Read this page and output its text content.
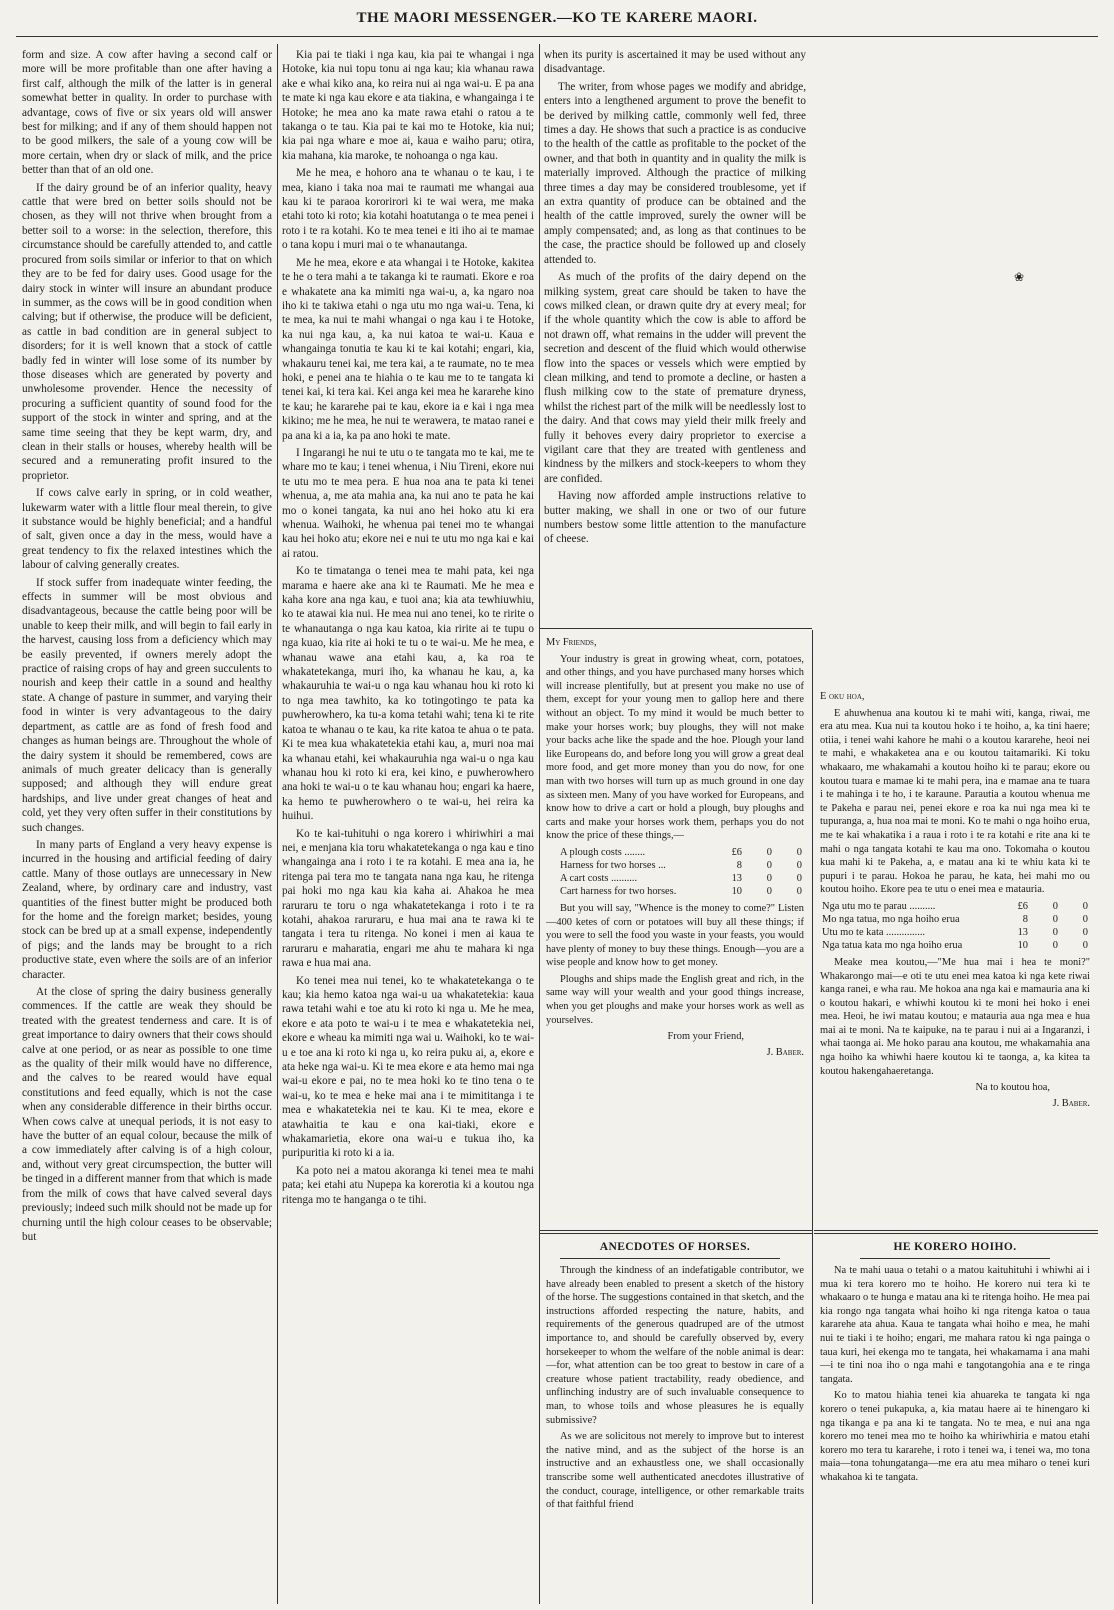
THE MAORI MESSENGER.—KO TE KARERE MAORI.

form and size. A cow after having a second calf or more will be more profitable than one after having a first calf, although the milk of the latter is in general somewhat better in quality. In order to purchase with advantage, cows of five or six years old will answer best for milking; and if any of them should happen not to be good milkers, the sale of a young cow will be more certain, when dry or slack of milk, and the price better than that of an old one.

If the dairy ground be of an inferior quality, heavy cattle that were bred on better soils should not be chosen, as they will not thrive when brought from a better soil to a worse: in the selection, therefore, this circumstance should be carefully attended to, and cattle procured from soils similar or inferior to that on which they are to be fed for dairy uses. Good usage for the dairy stock in winter will insure an abundant produce in summer, as the cows will be in good condition when calving; but if otherwise, the produce will be deficient, as cattle in bad condition are in general subject to disorders; for it is well known that a stock of cattle badly fed in winter will lose some of its number by those diseases which are generated by poverty and unwholesome provender. Hence the necessity of procuring a sufficient quantity of sound food for the support of the stock in winter and spring, and at the same time seeing that they be kept warm, dry, and clean in their stalls or houses, whereby health will be secured and a remunerating profit insured to the proprietor.

If cows calve early in spring, or in cold weather, lukewarm water with a little flour meal therein, to give it substance would be highly beneficial; and a handful of salt, given once a day in the mess, would have a great tendency to fix the relaxed intestines which the labour of calving generally creates.

If stock suffer from inadequate winter feeding, the effects in summer will be most obvious and disadvantageous, because the cattle being poor will be unable to keep their milk, and will begin to fail early in the harvest, causing loss from a deficiency which may be easily prevented, if owners merely adopt the practice of raising crops of hay and green succulents to nourish and keep their cattle in a sound and healthy state. A change of pasture in summer, and varying their food in winter is very advantageous to the dairy department, as cattle are as fond of fresh food and changes as human beings are. Throughout the whole of the dairy system it should be remembered, cows are animals of much greater delicacy than is generally supposed; and although they will endure great hardships, and live under great changes of heat and cold, yet they very often suffer in their constitutions by such changes.

In many parts of England a very heavy expense is incurred in the housing and artificial feeding of dairy cattle. Many of those outlays are unnecessary in New Zealand, where, by ordinary care and industry, vast quantities of the finest butter might be produced both for the home and the foreign market; besides, young stock can be bred up at a small expense, independently of pigs; and the lands may be brought to a rich productive state, even where the soils are of an inferior character.

At the close of spring the dairy business generally commences. If the cattle are weak they should be treated with the greatest tenderness and care. It is of great importance to dairy owners that their cows should calve at one period, or as near as possible to one time as the quality of their milk would have no difference, and the calves to be reared would have equal constitutions and feed equally, which is not the case when any considerable difference in their births occur. When cows calve at unequal periods, it is not easy to have the butter of an equal colour, because the milk of a cow immediately after calving is of a high colour, and, without very great circumspection, the butter will be tinged in a different manner from that which is made from the milk of cows that have calved several days previously; indeed such milk should not be made up for churning until the high colour ceases to be observable; but

Kia pai te tiaki i nga kau, kia pai te whangai i nga Hotoke, kia nui topu tonu ai nga kau; kia whanau rawa ake e whai kiko ana, ko reira nui ai nga wai-u. E pa ana te mate ki nga kau ekore e ata tiakina, e whangainga i te Hotoke; he mea ano ka mate rawa etahi o ratou a te takanga o te tau. Kia pai te kai mo te Hotoke, kia nui; kia pai nga whare e moe ai, kaua e waiho paru; otira, kia mahana, kia maroke, te nohoanga o nga kau.

Me he mea, e hohoro ana te whanau o te kau, i te mea, kiano i taka noa mai te raumati me whangai aua kau ki te paraoa kororirori ki te wai wera, me maka etahi toto ki roto; kia kotahi hoatutanga o te mea penei i roto i te ra kotahi. Ko te mea tenei e iti iho ai te mamae o tana kopu i muri mai o te whanautanga.

Me he mea, ekore e ata whangai i te Hotoke, kakitea te he o tera mahi a te takanga ki te raumati. Ekore e roa e whakatete ana ka mimiti nga wai-u, a, ka ngaro noa iho ki te takiwa etahi o nga utu mo nga wai-u. Tena, ki te mea, ka nui te mahi whangai o nga kau i te Hotoke, ka nui nga kau, a, ka nui katoa te wai-u. Kaua e whangainga tonutia te kau ki te kai kotahi; engari, kia, whakauru tenei kai, me tera kai, a te raumate, no te mea hoki, e penei ana te hiahia o te kau me to te tangata ki tenei kai, ki tera kai. Kei anga kei mea he kararehe kino te kau; he kararehe pai te kau, ekore ia e kai i nga mea kikino; me he mea, he nui te werawera, te matao ranei e pa ana ki a ia, ka pa ano hoki te mate.

I Ingarangi he nui te utu o te tangata mo te kai, me te whare mo te kau; i tenei whenua, i Niu Tireni, ekore nui te utu mo te mea pera. E hua noa ana te pata ki tenei whenua, a, me ata mahia ana, ka nui ano te pata he kai mo o konei tangata, ka nui ano hei hoko atu ki era whenua. Waihoki, he whenua pai tenei mo te whangai kau hei hoko atu; ekore nei e nui te utu mo nga kai e kai ai ratou.

Ko te timatanga o tenei mea te mahi pata, kei nga marama e haere ake ana ki te Raumati. Me he mea e kaha kore ana nga kau, e tuoi ana; kia ata tewhiuwhiu, ko te atawai kia nui. He mea nui ano tenei, ko te ririte o te whanautanga o nga kau katoa, kia ririte ai te tupu o nga kuao, kia rite ai hoki te tu o te wai-u. Me he mea, e whanau wawe ana etahi kau, a, ka roa te whakatetekanga, muri iho, ka whanau he kau, a, ka whakauruhia te wai-u o nga kau whanau hou ki roto ki to nga mea tawhito, ka ko totingotingo te pata ka puwherowhero, ka tu-a koma tetahi wahi; tena ki te rite katoa te whanau o te kau, ka rite katoa te ahua o te pata. Ki te mea kua whakatetekia etahi kau, a, muri noa mai ka whanau etahi, kei whakauruhia nga wai-u o nga kau whanau hou ki roto ki era, kei kino, e puwherowhero ana hoki te wai-u o te kau whanau hou; engari ka haere, ka hemo te puwherowhero o te wai-u, hei reira ka huihui.

Ko te kai-tuhituhi o nga korero i whiriwhiri a mai nei, e menjana kia toru whakatetekanga o nga kau e tino whangainga ana i roto i te ra kotahi. E mea ana ia, he ritenga pai tera mo te tangata nana nga kau, he ritenga pai hoki mo nga kau kia kaha ai. Ahakoa he mea raruraru te toru o nga whakatetekanga i roto i te ra kotahi, ahakoa raruraru, e hua mai ana te rawa ki te tangata i tera tu ritenga. No konei i men ai kaua te raruraru e maharatia, engari me ahu te mahara ki nga rawa e hua mai ana.

Ko tenei mea nui tenei, ko te whakatetekanga o te kau; kia hemo katoa nga wai-u ua whakatetekia: kaua rawa tetahi wahi e toe atu ki roto ki nga u. Me he mea, ekore e ata poto te wai-u i te mea e whakatetekia nei, ekore e wheau ka mimiti nga wai u. Waihoki, ko te wai-u e toe ana ki roto ki nga u, ko reira puku ai, a, ekore e ata heke nga wai-u. Ki te mea ekore e ata hemo mai nga wai-u ekore e pai, no te mea hoki ko te tino tena o te wai-u, ko te mea e heke mai ana i te mimititanga i te mea e whakatetekia nei te kau. Ki te mea, ekore e atawhaitia te kau e ona kai-tiaki, ekore e whakamarietia, ekore ona wai-u e tukua iho, ka puripuritia ki roto ki a ia.

Ka poto nei a matou akoranga ki tenei mea te mahi pata; kei etahi atu Nupepa ka korerotia ki a koutou nga ritenga mo te hanganga o te tihi.

when its purity is ascertained it may be used without any disadvantage.

The writer, from whose pages we modify and abridge, enters into a lengthened argument to prove the benefit to be derived by milking cattle, commonly well fed, three times a day. He shows that such a practice is as conducive to the health of the cattle as profitable to the pocket of the owner, and that both in quantity and in quality the milk is materially improved. Although the practice of milking three times a day may be considered troublesome, yet if an extra quantity of produce can be obtained and the health of the cattle improved, surely the owner will be amply compensated; and, as long as that continues to be the case, the practice should be followed up and closely attended to.

As much of the profits of the dairy depend on the milking system, great care should be taken to have the cows milked clean, or drawn quite dry at every meal; for if the whole quantity which the cow is able to afford be not drawn off, what remains in the udder will prevent the secretion and descent of the fluid which would otherwise flow into the spaces or vessels which were emptied by clean milking, and tend to promote a decline, or hasten a flush milking cow to the state of premature dryness, whilst the richest part of the milk will be needlessly lost to the dairy. And that cows may yield their milk freely and fully it behoves every dairy proprietor to exercise a vigilant care that they are treated with gentleness and kindness by the milkers and stock-keepers to whom they are confided.

Having now afforded ample instructions relative to butter making, we shall in one or two of our future numbers bestow some little attention to the manufacture of cheese.

My Friends,

Your industry is great in growing wheat, corn, potatoes, and other things, and you have purchased many horses which will increase plentifully, but at present you make no use of them, except for your young men to gallop here and there without an object. To my mind it would be much better to make your horses work; buy ploughs, they will not make your backs ache like the spade and the hoe. Plough your land like Europeans do, and before long you will grow a great deal more food, and get more money than you do now, for one man with two horses will turn up as much ground in one day as sixteen men. Many of you have worked for Europeans, and know how to drive a cart or hold a plough, buy ploughs and carts and make your horses work them, perhaps you do not know the price of these things,—

A plough costs ........	£6	0	0
Harness for two horses ...	8	0	0
A cart costs ..........	13	0	0
Cart harness for two horses.	10	0	0

But you will say, "Whence is the money to come?" Listen—400 ketes of corn or potatoes will buy all these things; if you were to sell the food you waste in your feasts, you would have plenty of money to buy these things. Enough—you are a wise people and know how to get money.

Ploughs and ships made the English great and rich, in the same way will your wealth and your good things increase, when you get ploughs and make your horses work as well as yourselves.

From your Friend,
J. Baber.
E oku hoa,

E ahuwhenua ana koutou ki te mahi witi, kanga, riwai, me era atu mea. Kua nui ta koutou hoko i te hoiho, a, ka tini haere; otiia, i tenei wahi kahore he mahi o a koutou kararehe, heoi nei te mahi, e whakaketea ana e ou koutou taitamariki. Ki toku whakaaro, me whakamahi a koutou hoiho ki te parau; ekore ou koutou tuara e mamae ki te mahi pera, ina e mamae ana te tuara i te mahinga i te ho, i te karaune. Parautia a koutou whenua me te Pakeha e parau nei, penei ekore e roa ka nui nga mea ki te tupuranga, a, hua noa mai te moni. Ko te mahi o nga hoiho erua, me te kai whakatika i a raua i roto i te ra kotahi e rite ana ki te mahi o nga tangata kotahi te kau ma ono. Tokomaha o koutou kua mahi ki te Pakeha, a, e matau ana ki te whiu kata ki te pupuri i te parau. Hokoa he parau, he kata, hei mahi mo ou koutou hoiho. Ekore pea te utu o enei mea e matauria.

Nga utu mo te parau ..........	£6	0	0
Mo nga tatua, mo nga hoiho erua	8	0	0
Utu mo te kata ...............	13	0	0
Nga tatua kata mo nga hoiho erua	10	0	0

Meake mea koutou,—"Me hua mai i hea te moni?" Whakarongo mai—e oti te utu enei mea katoa ki nga kete riwai kanga ranei, e wha rau. Me hokoa ana nga kai e mamauria ana ki o koutou hakari, e whiwhi koutou ki te moni hei hoko i enei mea. Heoi, he iwi matau koutou; e matauria aua nga mea e hua mai ai te moni. Na te kaipuke, na te parau i nui ai a Ingaranzi, i whai taonga ai. Me hoko parau ana koutou, me whakamahia ana nga hoiho ka whiwhi haere koutou ki te taonga, a, ka kitea ta koutou hakengahaeretanga.

Na to koutou hoa,
J. Baber.
ANECDOTES OF HORSES.

Through the kindness of an indefatigable contributor, we have already been enabled to present a sketch of the history of the horse. The suggestions contained in that sketch, and the instructions afforded respecting the nature, habits, and requirements of the generous quadruped are of the utmost importance to, and should be carefully observed by, every horsekeeper to whom the welfare of the noble animal is dear:—for, what attention can be too great to bestow in care of a creature whose patient tractability, ready obedience, and unflinching industry are of such invaluable consequence to man, to whose toils and whose pleasures he is equally submissive?

As we are solicitous not merely to improve but to interest the native mind, and as the subject of the horse is an instructive and an exhaustless one, we shall occasionally transcribe some well authenticated anecdotes illustrative of the conduct, courage, intelligence, or other remarkable traits of that faithful friend

HE KORERO HOIHO.

Na te mahi uaua o tetahi o a matou kaituhituhi i whiwhi ai i mua ki tera korero mo te hoiho. He korero nui tera ki te whakaaro o te hunga e matau ana ki te ritenga hoiho. He mea pai kia rongo nga tangata whai hoiho ki nga ritenga katoa o taua kararehe ata ahua. Kaua te tangata whai hoiho e mea, he mahi nui te tiaki i te hoiho; engari, me mahara ratou ki nga painga o taua kuri, hei ekenga mo te tangata, hei whakamama i ana mahi—i te tini noa iho o nga mahi e tangotangohia ana e te ringa tangata.

Ko to matou hiahia tenei kia ahuareka te tangata ki nga korero o tenei pukapuka, a, kia matau haere ai te hinengaro ki nga tikanga e pa ana ki te tangata. No te mea, e nui ana nga korero mo tenei mea mo te hoiho ka whiriwhiria e matou etahi korero mo tera tu kararehe, i roto i tenei wa, i tenei wa, mo tona maia—tona tohungatanga—me era atu mea miharo o tenei kuri whakahoa ki te tangata.

❀
